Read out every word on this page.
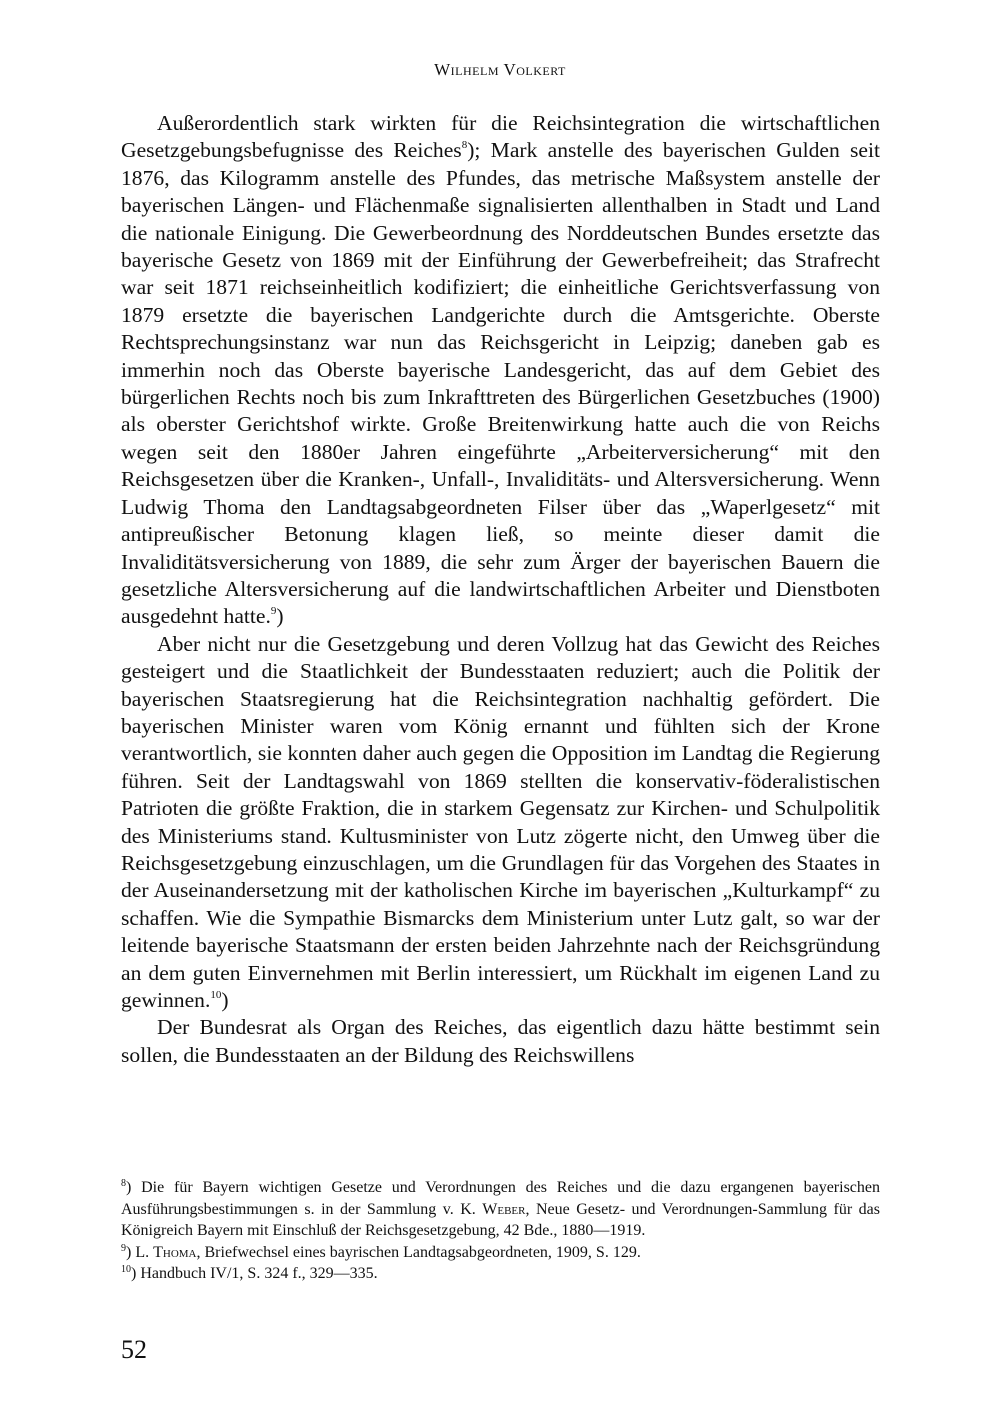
Wilhelm Volkert

Außerordentlich stark wirkten für die Reichsintegration die wirtschaftlichen Gesetzgebungsbefugnisse des Reiches$^8$); Mark anstelle des bayerischen Gulden seit 1876, das Kilogramm anstelle des Pfundes, das metrische Maßsystem anstelle der bayerischen Längen- und Flächenmaße signalisierten allenthalben in Stadt und Land die nationale Einigung. Die Gewerbeordnung des Norddeutschen Bundes ersetzte das bayerische Gesetz von 1869 mit der Einführung der Gewerbefreiheit; das Strafrecht war seit 1871 reichseinheitlich kodifiziert; die einheitliche Gerichtsverfassung von 1879 ersetzte die bayerischen Landgerichte durch die Amtsgerichte. Oberste Rechtsprechungsinstanz war nun das Reichsgericht in Leipzig; daneben gab es immerhin noch das Oberste bayerische Landesgericht, das auf dem Gebiet des bürgerlichen Rechts noch bis zum Inkrafttreten des Bürgerlichen Gesetzbuches (1900) als oberster Gerichtshof wirkte. Große Breitenwirkung hatte auch die von Reichs wegen seit den 1880er Jahren eingeführte „Arbeiterversicherung“ mit den Reichsgesetzen über die Kranken-, Unfall-, Invaliditäts- und Altersversicherung. Wenn Ludwig Thoma den Landtagsabgeordneten Filser über das „Waperlgesetz“ mit antipreußischer Betonung klagen ließ, so meinte dieser damit die Invaliditätsversicherung von 1889, die sehr zum Ärger der bayerischen Bauern die gesetzliche Altersversicherung auf die landwirtschaftlichen Arbeiter und Dienstboten ausgedehnt hatte.$^9$)

Aber nicht nur die Gesetzgebung und deren Vollzug hat das Gewicht des Reiches gesteigert und die Staatlichkeit der Bundesstaaten reduziert; auch die Politik der bayerischen Staatsregierung hat die Reichsintegration nachhaltig gefördert. Die bayerischen Minister waren vom König ernannt und fühlten sich der Krone verantwortlich, sie konnten daher auch gegen die Opposition im Landtag die Regierung führen. Seit der Landtagswahl von 1869 stellten die konservativ-föderalistischen Patrioten die größte Fraktion, die in starkem Gegensatz zur Kirchen- und Schulpolitik des Ministeriums stand. Kultusminister von Lutz zögerte nicht, den Umweg über die Reichsgesetzgebung einzuschlagen, um die Grundlagen für das Vorgehen des Staates in der Auseinandersetzung mit der katholischen Kirche im bayerischen „Kulturkampf“ zu schaffen. Wie die Sympathie Bismarcks dem Ministerium unter Lutz galt, so war der leitende bayerische Staatsmann der ersten beiden Jahrzehnte nach der Reichsgründung an dem guten Einvernehmen mit Berlin interessiert, um Rückhalt im eigenen Land zu gewinnen.$^{10}$)

Der Bundesrat als Organ des Reiches, das eigentlich dazu hätte bestimmt sein sollen, die Bundesstaaten an der Bildung des Reichswillens

$^8$) Die für Bayern wichtigen Gesetze und Verordnungen des Reiches und die dazu ergangenen bayerischen Ausführungsbestimmungen s. in der Sammlung v. K. Weber, Neue Gesetz- und Verordnungen-Sammlung für das Königreich Bayern mit Einschluß der Reichsgesetzgebung, 42 Bde., 1880—1919.

$^9$) L. Thoma, Briefwechsel eines bayrischen Landtagsabgeordneten, 1909, S. 129.

$^{10}$) Handbuch IV/1, S. 324 f., 329—335.

52
